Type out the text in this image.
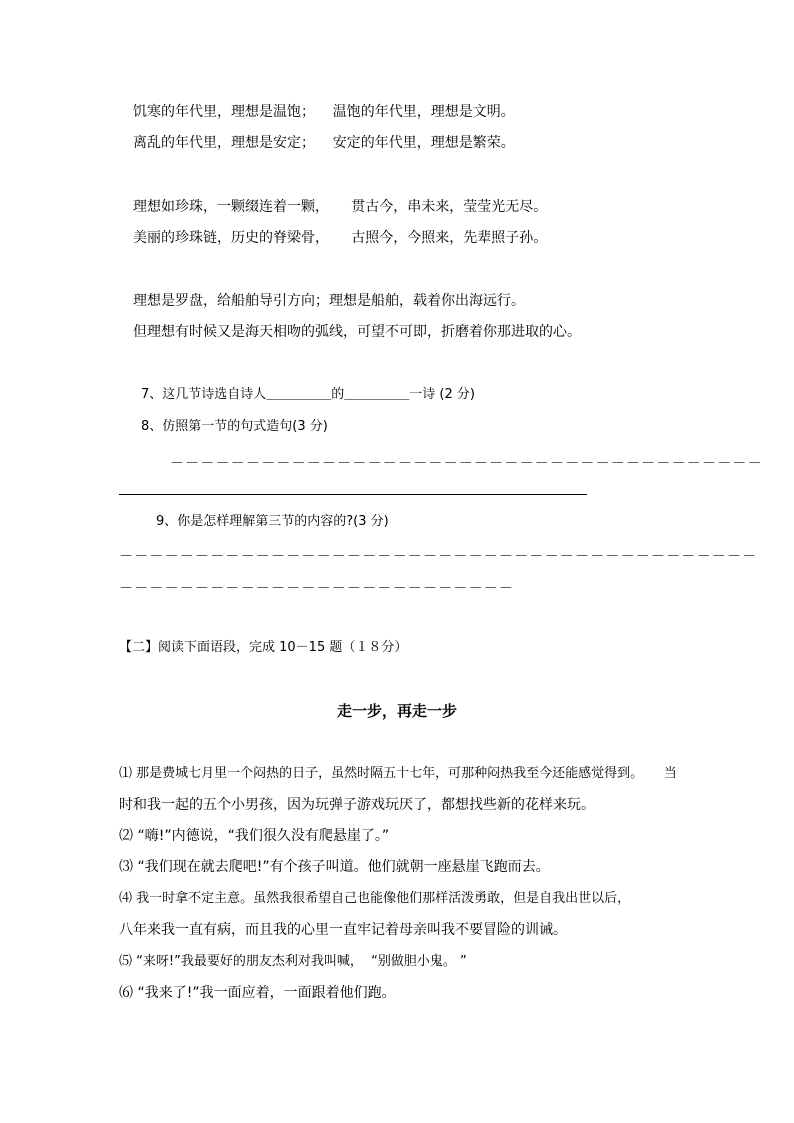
饥寒的年代里，理想是温饱；    温饱的年代里，理想是文明。
离乱的年代里，理想是安定；    安定的年代里，理想是繁荣。
理想如珍珠，一颗缀连着一颗，     贯古今，串未来，莹莹光无尽。
美丽的珍珠链，历史的脊梁骨，     古照今，今照来，先辈照子孙。
理想是罗盘，给船舶导引方向；理想是船舶，载着你出海远行。
但理想有时候又是海天相吻的弧线，可望不可即，折磨着你那进取的心。
7、这几节诗选自诗人＿＿＿＿＿的＿＿＿＿＿一诗 (2 分)
8、仿照第一节的句式造句(3 分)
－－－－－－－－－－－－－－－－－－－－－－－－－－－－－－－－－－－－－－－
9、你是怎样理解第三节的内容的?(3 分)
－－－－－－－－－－－－－－－－－－－－－－－－－－－－－－－－－－－－－－－－－－
－－－－－－－－－－－－－－－－－－－－－－－－－－
【二】阅读下面语段，完成 10－15 题（１８分）
走一步，再走一步
⑴ 那是费城七月里一个闷热的日子，虽然时隔五十七年，可那种闷热我至今还能感觉得到。     当
时和我一起的五个小男孩，因为玩弹子游戏玩厌了，都想找些新的花样来玩。
⑵ “嗨!”内德说，“我们很久没有爬悬崖了。”
⑶ “我们现在就去爬吧!”有个孩子叫道。他们就朝一座悬崖飞跑而去。
⑷ 我一时拿不定主意。虽然我很希望自己也能像他们那样活泼勇敢，但是自我出世以后，
八年来我一直有病，而且我的心里一直牢记着母亲叫我不要冒险的训诫。
⑸ “来呀!”我最要好的朋友杰利对我叫喊，  “别做胆小鬼。 ”
⑹ “我来了!”我一面应着，一面跟着他们跑。
